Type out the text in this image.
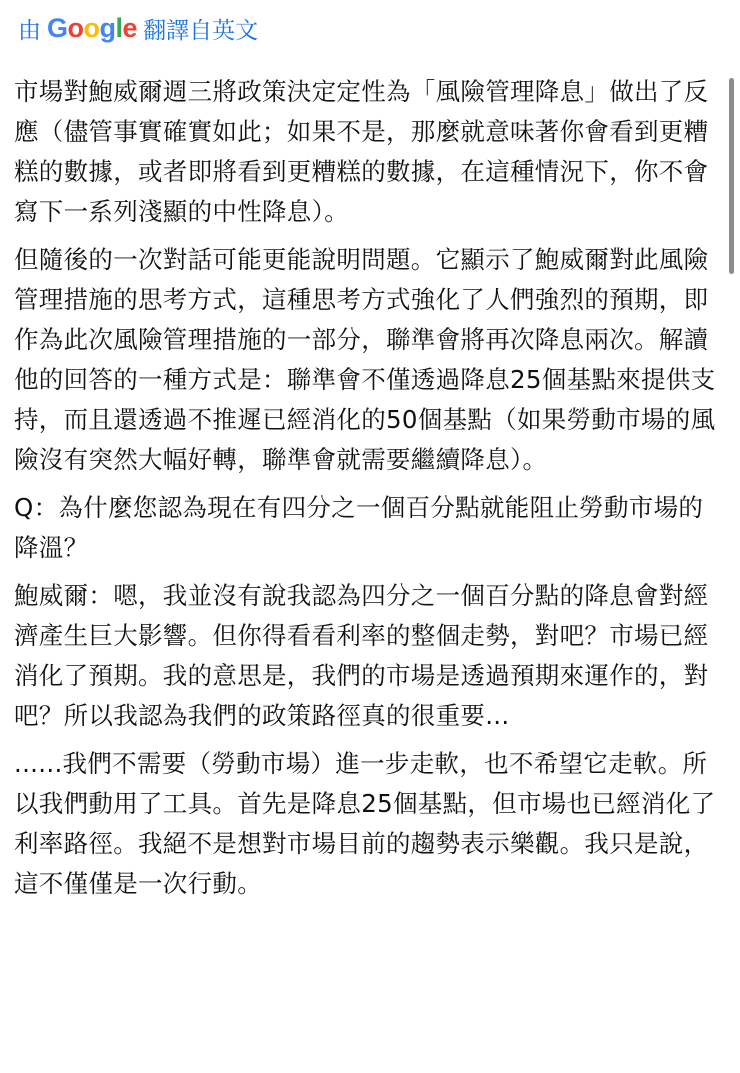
由 Google 翻譯自英文

市場對鮑威爾週三將政策決定定性為「風險管理降息」做出了反應（儘管事實確實如此；如果不是，那麼就意味著你會看到更糟糕的數據，或者即將看到更糟糕的數據，在這種情況下，你不會寫下一系列淺顯的中性降息）。

但隨後的一次對話可能更能說明問題。它顯示了鮑威爾對此風險管理措施的思考方式，這種思考方式強化了人們強烈的預期，即作為此次風險管理措施的一部分，聯準會將再次降息兩次。解讀他的回答的一種方式是：聯準會不僅透過降息25個基點來提供支持，而且還透過不推遲已經消化的50個基點（如果勞動市場的風險沒有突然大幅好轉，聯準會就需要繼續降息）。

Q：為什麼您認為現在有四分之一個百分點就能阻止勞動市場的降溫？

鮑威爾：嗯，我並沒有說我認為四分之一個百分點的降息會對經濟產生巨大影響。但你得看看利率的整個走勢，對吧？市場已經消化了預期。我的意思是，我們的市場是透過預期來運作的，對吧？所以我認為我們的政策路徑真的很重要...

......我們不需要（勞動市場）進一步走軟，也不希望它走軟。所以我們動用了工具。首先是降息25個基點，但市場也已經消化了利率路徑。我絕不是想對市場目前的趨勢表示樂觀。我只是說，這不僅僅是一次行動。
